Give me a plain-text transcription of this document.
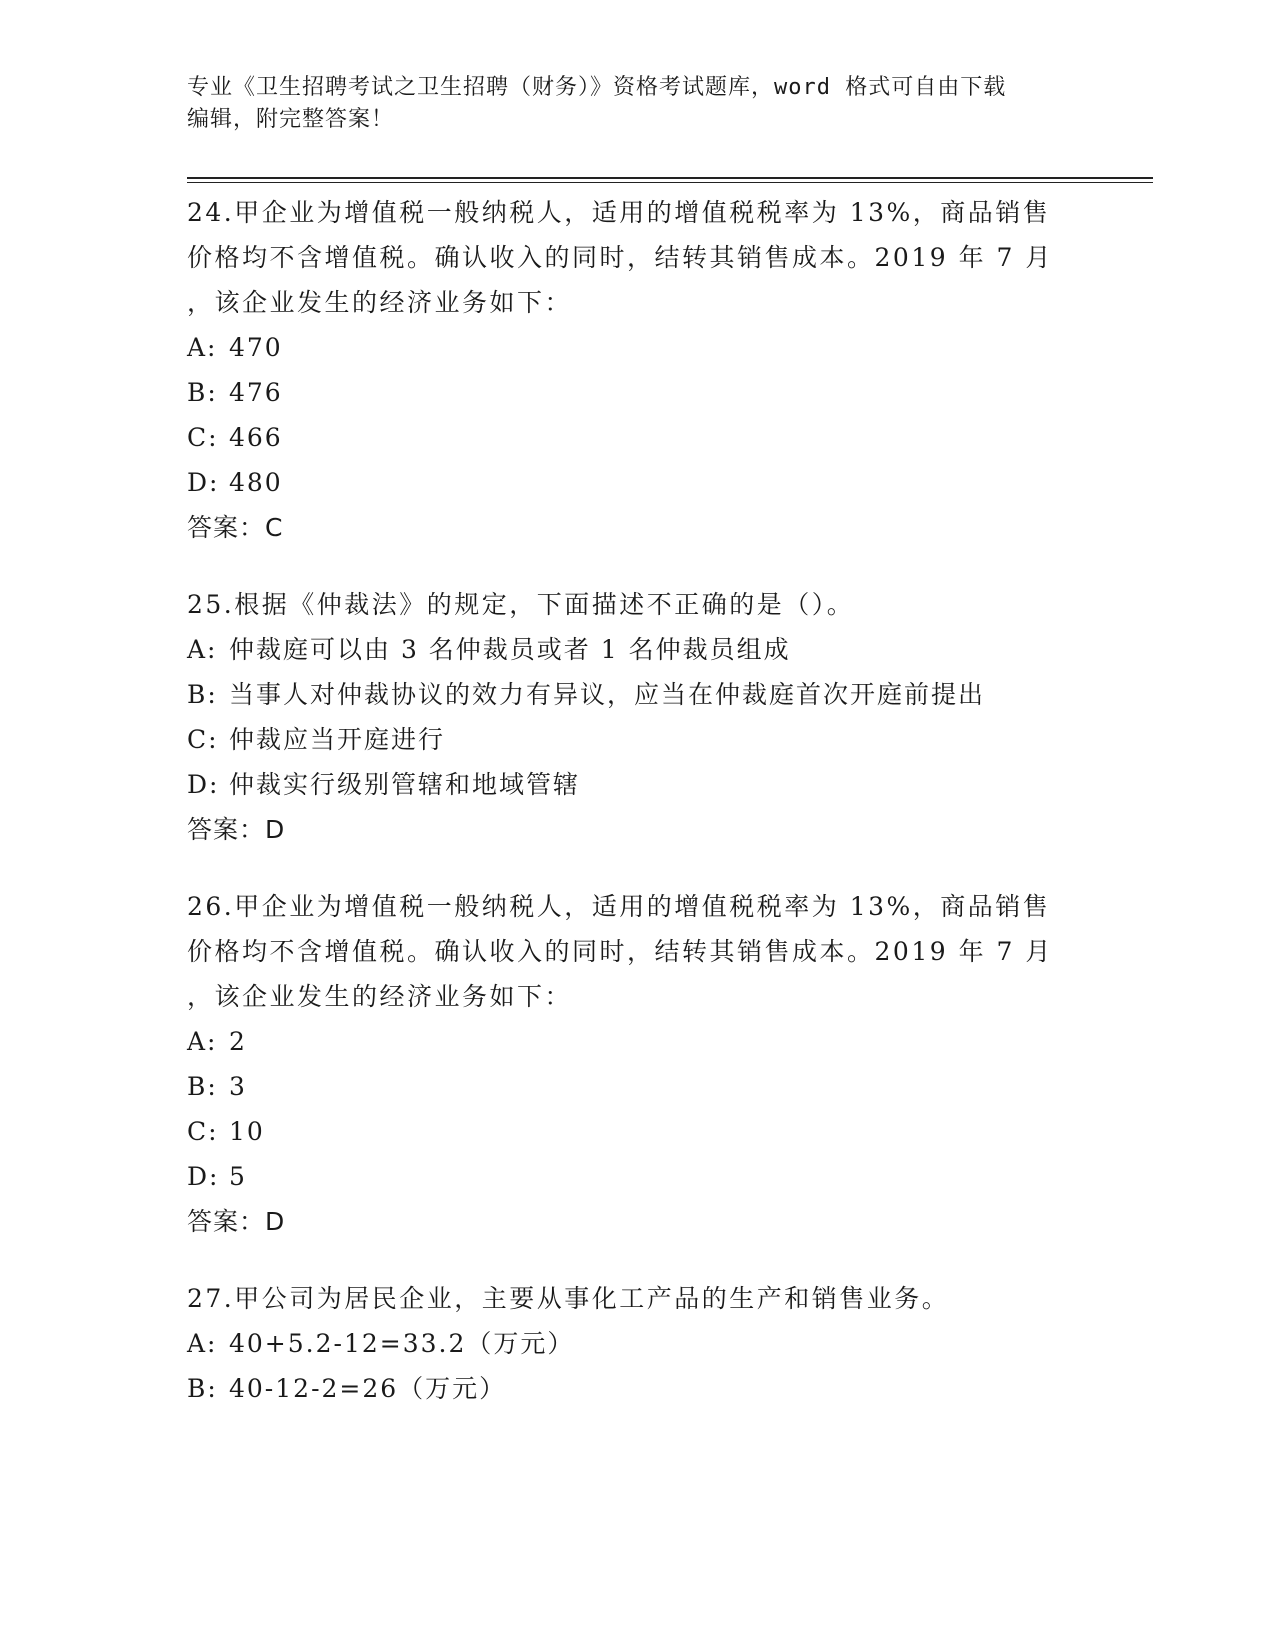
专业《卫生招聘考试之卫生招聘（财务）》资格考试题库，word 格式可自由下载
编辑，附完整答案！

24.甲企业为增值税一般纳税人，适用的增值税税率为 13%，商品销售
价格均不含增值税。确认收入的同时，结转其销售成本。2019 年 7 月
，该企业发生的经济业务如下：

A: 470

B: 476

C: 466

D: 480

答案：C

25.根据《仲裁法》的规定，下面描述不正确的是（）。

A: 仲裁庭可以由 3 名仲裁员或者 1 名仲裁员组成

B: 当事人对仲裁协议的效力有异议，应当在仲裁庭首次开庭前提出

C: 仲裁应当开庭进行

D: 仲裁实行级别管辖和地域管辖

答案：D

26.甲企业为增值税一般纳税人，适用的增值税税率为 13%，商品销售
价格均不含增值税。确认收入的同时，结转其销售成本。2019 年 7 月
，该企业发生的经济业务如下：

A: 2

B: 3

C: 10

D: 5

答案：D

27.甲公司为居民企业，主要从事化工产品的生产和销售业务。

A: 40+5.2-12=33.2（万元）

B: 40-12-2=26（万元）
